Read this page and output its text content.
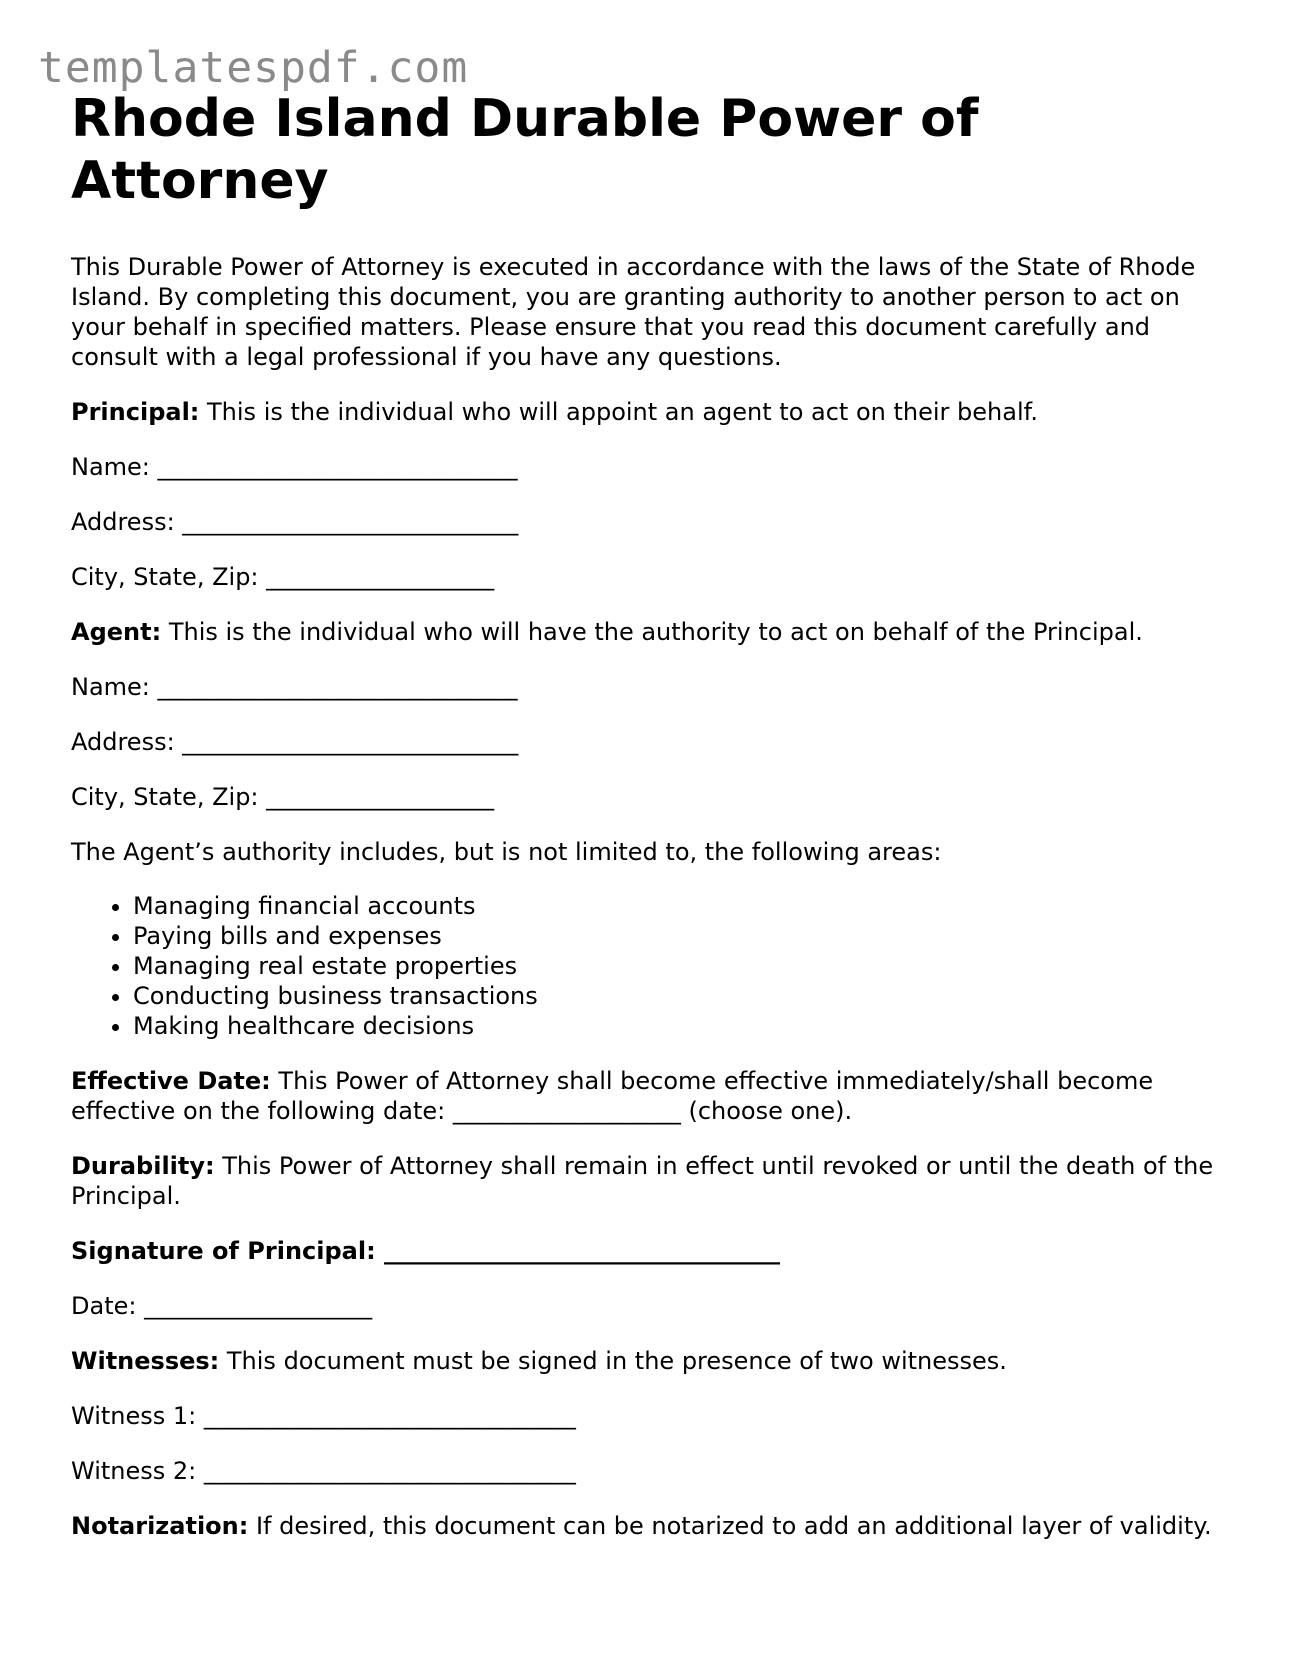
templatespdf.com
Rhode Island Durable Power of Attorney

This Durable Power of Attorney is executed in accordance with the laws of the State of Rhode Island. By completing this document, you are granting authority to another person to act on your behalf in specified matters. Please ensure that you read this document carefully and consult with a legal professional if you have any questions.

Principal: This is the individual who will appoint an agent to act on their behalf.

Name: ______________________________

Address: ____________________________

City, State, Zip: ___________________

Agent: This is the individual who will have the authority to act on behalf of the Principal.

Name: ______________________________

Address: ____________________________

City, State, Zip: ___________________

The Agent’s authority includes, but is not limited to, the following areas:

• Managing financial accounts
• Paying bills and expenses
• Managing real estate properties
• Conducting business transactions
• Making healthcare decisions

Effective Date: This Power of Attorney shall become effective immediately/shall become effective on the following date: ___________________ (choose one).

Durability: This Power of Attorney shall remain in effect until revoked or until the death of the Principal.

Signature of Principal: _________________________________

Date: ___________________

Witnesses: This document must be signed in the presence of two witnesses.

Witness 1: _______________________________

Witness 2: _______________________________

Notarization: If desired, this document can be notarized to add an additional layer of validity.
